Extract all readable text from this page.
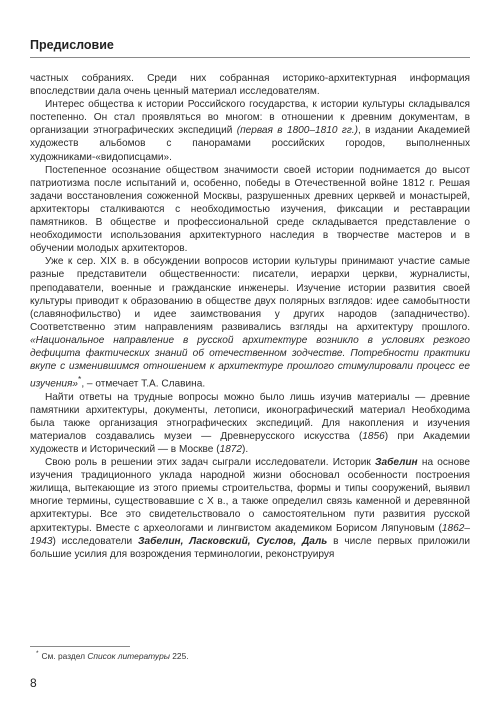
Предисловие

частных собраниях. Среди них собранная историко-архитектурная информация впоследствии дала очень ценный материал исследователям.

Интерес общества к истории Российского государства, к истории культуры складывался постепенно. Он стал проявляться во многом: в отношении к древним документам, в организации этнографических экспедиций (первая в 1800–1810 гг.), в издании Академией художеств альбомов с панорамами российских городов, выполненных художниками-«видописцами».

Постепенное осознание обществом значимости своей истории поднимается до высот патриотизма после испытаний и, особенно, победы в Отечественной войне 1812 г. Решая задачи восстановления сожженной Москвы, разрушенных древних церквей и монастырей, архитекторы сталкиваются с необходимостью изучения, фиксации и реставрации памятников. В обществе и профессиональной среде складывается представление о необходимости использования архитектурного наследия в творчестве мастеров и в обучении молодых архитекторов.

Уже к сер. XIX в. в обсуждении вопросов истории культуры принимают участие самые разные представители общественности: писатели, иерархи церкви, журналисты, преподаватели, военные и гражданские инженеры. Изучение истории развития своей культуры приводит к образованию в обществе двух полярных взглядов: идее самобытности (славянофильство) и идее заимствования у других народов (западничество). Соответственно этим направлениям развивались взгляды на архитектуру прошлого. «Национальное направление в русской архитектуре возникло в условиях резкого дефицита фактических знаний об отечественном зодчестве. Потребности практики вкупе с изменившимся отношением к архитектуре прошлого стимулировали процесс ее изучения»*, – отмечает Т.А. Славина.

Найти ответы на трудные вопросы можно было лишь изучив материалы — древние памятники архитектуры, документы, летописи, иконографический материал Необходима была также организация этнографических экспедиций. Для накопления и изучения материалов создавались музеи — Древнерусского искусства (1856) при Академии художеств и Исторический — в Москве (1872).

Свою роль в решении этих задач сыграли исследователи. Историк Забелин на основе изучения традиционного уклада народной жизни обосновал особенности построения жилища, вытекающие из этого приемы строительства, формы и типы сооружений, выявил многие термины, существовавшие с X в., а также определил связь каменной и деревянной архитектуры. Все это свидетельствовало о самостоятельном пути развития русской архитектуры. Вместе с археологами и лингвистом академиком Борисом Ляпуновым (1862–1943) исследователи Забелин, Ласковский, Суслов, Даль в числе первых приложили большие усилия для возрождения терминологии, реконструируя

* См. раздел Список литературы 225.
8
